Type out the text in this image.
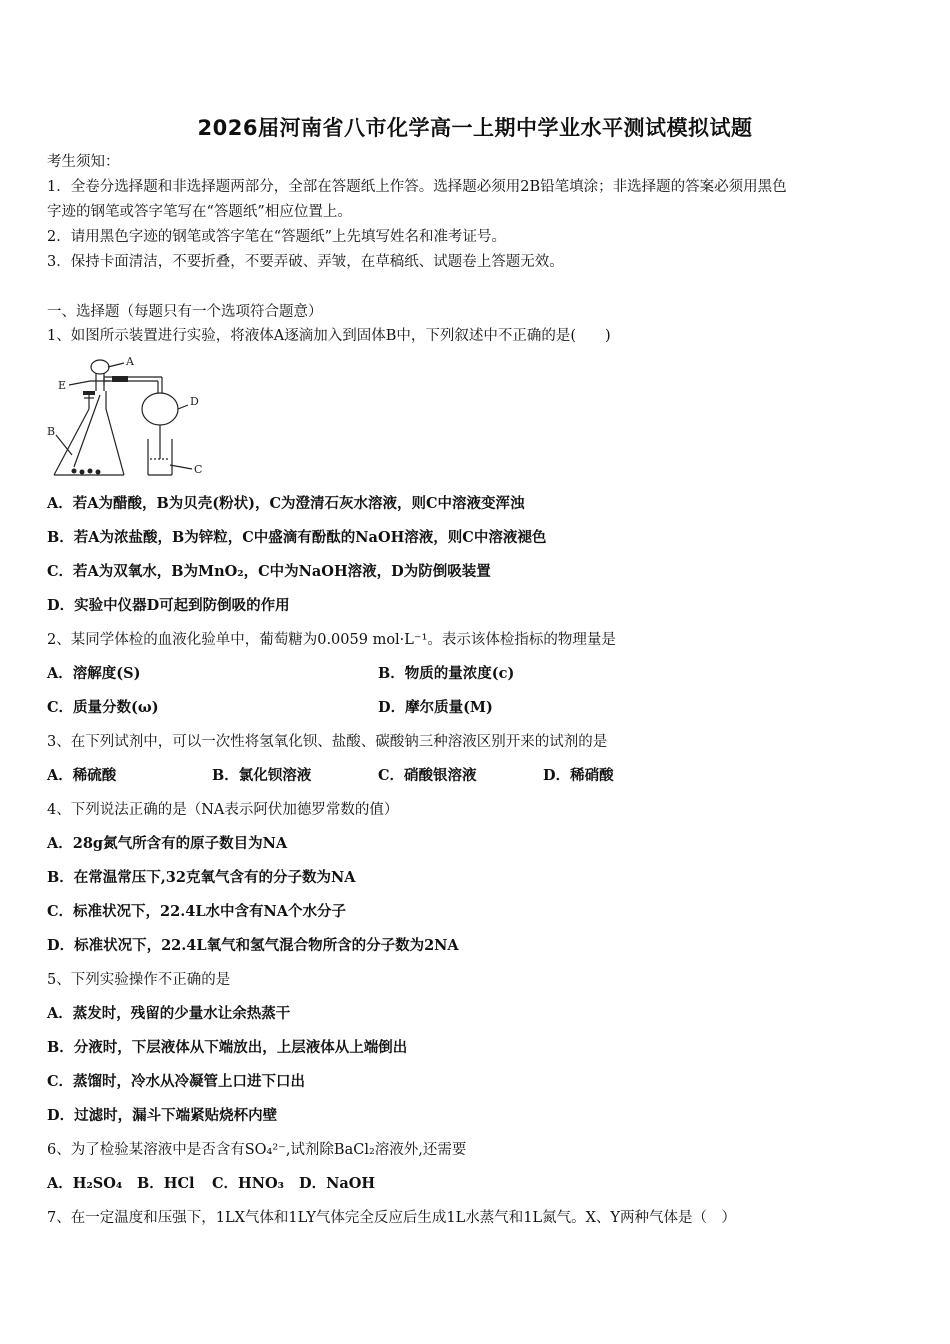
2026届河南省八市化学高一上期中学业水平测试模拟试题
考生须知：
1．全卷分选择题和非选择题两部分，全部在答题纸上作答。选择题必须用2B铅笔填涂；非选择题的答案必须用黑色
字迹的钢笔或答字笔写在“答题纸”相应位置上。
2．请用黑色字迹的钢笔或答字笔在“答题纸”上先填写姓名和准考证号。
3．保持卡面清洁，不要折叠，不要弄破、弄皱，在草稿纸、试题卷上答题无效。
一、选择题（每题只有一个选项符合题意）
1、如图所示装置进行实验，将液体A逐滴加入到固体B中，下列叙述中不正确的是(　　)
A
E
B
D
C
A．若A为醋酸，B为贝壳(粉状)，C为澄清石灰水溶液，则C中溶液变浑浊
B．若A为浓盐酸，B为锌粒，C中盛滴有酚酞的NaOH溶液，则C中溶液褪色
C．若A为双氧水，B为MnO₂，C中为NaOH溶液，D为防倒吸装置
D．实验中仪器D可起到防倒吸的作用
2、某同学体检的血液化验单中，葡萄糖为0.0059 mol·L⁻¹。表示该体检指标的物理量是
A．溶解度(S)	B．物质的量浓度(c)
C．质量分数(ω)	D．摩尔质量(M)
3、在下列试剂中，可以一次性将氢氧化钡、盐酸、碳酸钠三种溶液区别开来的试剂的是
A．稀硫酸	B．氯化钡溶液	C．硝酸银溶液	D．稀硝酸
4、下列说法正确的是（NA表示阿伏加德罗常数的值）
A．28g氮气所含有的原子数目为NA
B．在常温常压下,32克氧气含有的分子数为NA
C．标准状况下，22.4L水中含有NA个水分子
D．标准状况下，22.4L氧气和氢气混合物所含的分子数为2NA
5、下列实验操作不正确的是
A．蒸发时，残留的少量水让余热蒸干
B．分液时，下层液体从下端放出，上层液体从上端倒出
C．蒸馏时，冷水从冷凝管上口进下口出
D．过滤时，漏斗下端紧贴烧杯内壁
6、为了检验某溶液中是否含有SO₄²⁻,试剂除BaCl₂溶液外,还需要
A．H₂SO₄ B．HCl C．HNO₃ D．NaOH
7、在一定温度和压强下，1LX气体和1LY气体完全反应后生成1L水蒸气和1L氮气。X、Y两种气体是（　）
